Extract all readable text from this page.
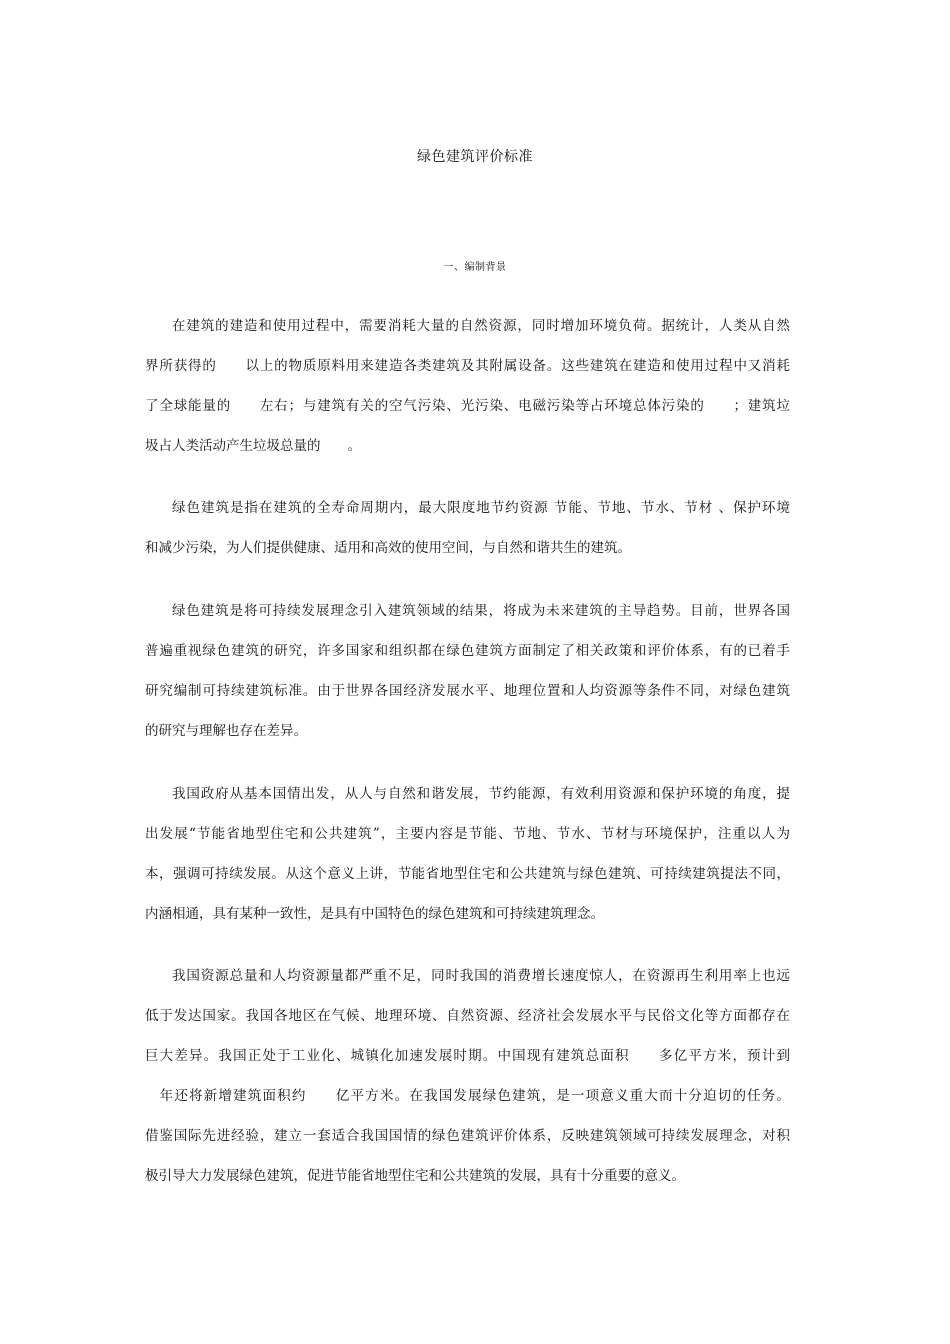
绿色建筑评价标准
一、编制背景
在建筑的建造和使用过程中，需要消耗大量的自然资源，同时增加环境负荷。据统计，人类从自然
界所获得的　　以上的物质原料用来建造各类建筑及其附属设备。这些建筑在建造和使用过程中又消耗
了全球能量的　　左右；与建筑有关的空气污染、光污染、电磁污染等占环境总体污染的　　；建筑垃
圾占人类活动产生垃圾总量的　　。
绿色建筑是指在建筑的全寿命周期内，最大限度地节约资源 节能、节地、节水、节材 、保护环境
和减少污染，为人们提供健康、适用和高效的使用空间，与自然和谐共生的建筑。
绿色建筑是将可持续发展理念引入建筑领域的结果，将成为未来建筑的主导趋势。目前，世界各国
普遍重视绿色建筑的研究，许多国家和组织都在绿色建筑方面制定了相关政策和评价体系，有的已着手
研究编制可持续建筑标准。由于世界各国经济发展水平、地理位置和人均资源等条件不同，对绿色建筑
的研究与理解也存在差异。
我国政府从基本国情出发，从人与自然和谐发展，节约能源，有效利用资源和保护环境的角度，提
出发展“节能省地型住宅和公共建筑”，主要内容是节能、节地、节水、节材与环境保护，注重以人为
本，强调可持续发展。从这个意义上讲，节能省地型住宅和公共建筑与绿色建筑、可持续建筑提法不同，
内涵相通，具有某种一致性，是具有中国特色的绿色建筑和可持续建筑理念。
我国资源总量和人均资源量都严重不足，同时我国的消费增长速度惊人，在资源再生利用率上也远
低于发达国家。我国各地区在气候、地理环境、自然资源、经济社会发展水平与民俗文化等方面都存在
巨大差异。我国正处于工业化、城镇化加速发展时期。中国现有建筑总面积　　多亿平方米，预计到
　年还将新增建筑面积约　　亿平方米。在我国发展绿色建筑，是一项意义重大而十分迫切的任务。
借鉴国际先进经验，建立一套适合我国国情的绿色建筑评价体系，反映建筑领域可持续发展理念，对积
极引导大力发展绿色建筑，促进节能省地型住宅和公共建筑的发展，具有十分重要的意义。
